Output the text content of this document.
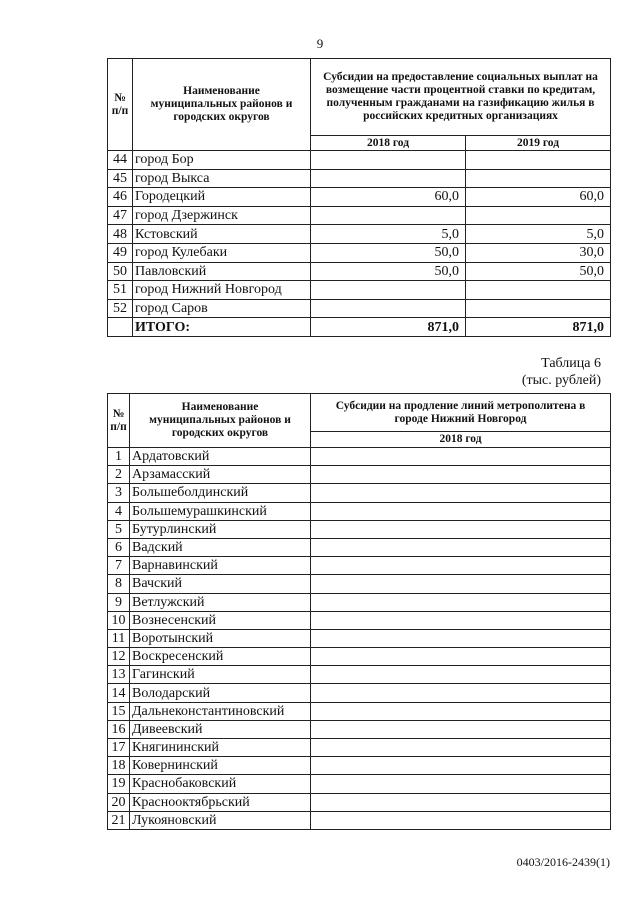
9
№ п/п	Наименование муниципальных районов и городских округов	Субсидии на предоставление социальных выплат на возмещение части процентной ставки по кредитам, полученным гражданами на газификацию жилья в российских кредитных организациях	
		2018 год	2019 год
44	город Бор		
45	город Выкса		
46	Городецкий	60,0	60,0
47	город Дзержинск		
48	Кстовский	5,0	5,0
49	город Кулебаки	50,0	30,0
50	Павловский	50,0	50,0
51	город Нижний Новгород		
52	город Саров		
	ИТОГО:	871,0	871,0
Таблица 6
(тыс. рублей)
№ п/п	Наименование муниципальных районов и городских округов	Субсидии на продление линий метрополитена в городе Нижний Новгород
		2018 год
1	Ардатовский	
2	Арзамасский	
3	Большеболдинский	
4	Большемурашкинский	
5	Бутурлинский	
6	Вадский	
7	Варнавинский	
8	Вачский	
9	Ветлужский	
10	Вознесенский	
11	Воротынский	
12	Воскресенский	
13	Гагинский	
14	Володарский	
15	Дальнеконстантиновский	
16	Дивеевский	
17	Княгининский	
18	Ковернинский	
19	Краснобаковский	
20	Краснооктябрьский	
21	Лукояновский	
0403/2016-2439(1)
